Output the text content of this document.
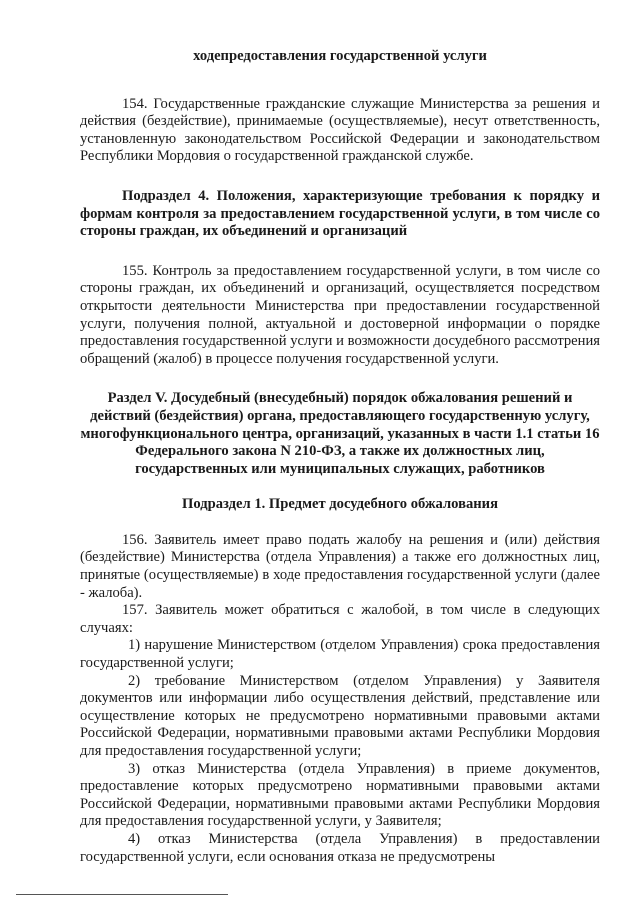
ходепредоставления государственной услуги

154. Государственные гражданские служащие Министерства за решения и действия (бездействие), принимаемые (осуществляемые), несут ответственность, установленную законодательством Российской Федерации и законодательством Республики Мордовия о государственной гражданской службе.

Подраздел 4. Положения, характеризующие требования к порядку и формам контроля за предоставлением государственной услуги, в том числе со стороны граждан, их объединений и организаций

155. Контроль за предоставлением государственной услуги, в том числе со стороны граждан, их объединений и организаций, осуществляется посредством открытости деятельности Министерства при предоставлении государственной услуги, получения полной, актуальной и достоверной информации о порядке предоставления государственной услуги и возможности досудебного рассмотрения обращений (жалоб) в процессе получения государственной услуги.

Раздел V. Досудебный (внесудебный) порядок обжалования решений и действий (бездействия) органа, предоставляющего государственную услугу, многофункционального центра, организаций, указанных в части 1.1 статьи 16 Федерального закона N 210-ФЗ, а также их должностных лиц, государственных или муниципальных служащих, работников

Подраздел 1. Предмет досудебного обжалования

156. Заявитель имеет право подать жалобу на решения и (или) действия (бездействие) Министерства (отдела Управления) а также его должностных лиц, принятые (осуществляемые) в ходе предоставления государственной услуги (далее - жалоба).

157. Заявитель может обратиться с жалобой, в том числе в следующих случаях:

1) нарушение Министерством (отделом Управления) срока предоставления государственной услуги;

2) требование Министерством (отделом Управления) у Заявителя документов или информации либо осуществления действий, представление или осуществление которых не предусмотрено нормативными правовыми актами Российской Федерации, нормативными правовыми актами Республики Мордовия для предоставления государственной услуги;

3) отказ Министерства (отдела Управления) в приеме документов, предоставление которых предусмотрено нормативными правовыми актами Российской Федерации, нормативными правовыми актами Республики Мордовия для предоставления государственной услуги, у Заявителя;

4) отказ Министерства (отдела Управления) в предоставлении государственной услуги, если основания отказа не предусмотрены
